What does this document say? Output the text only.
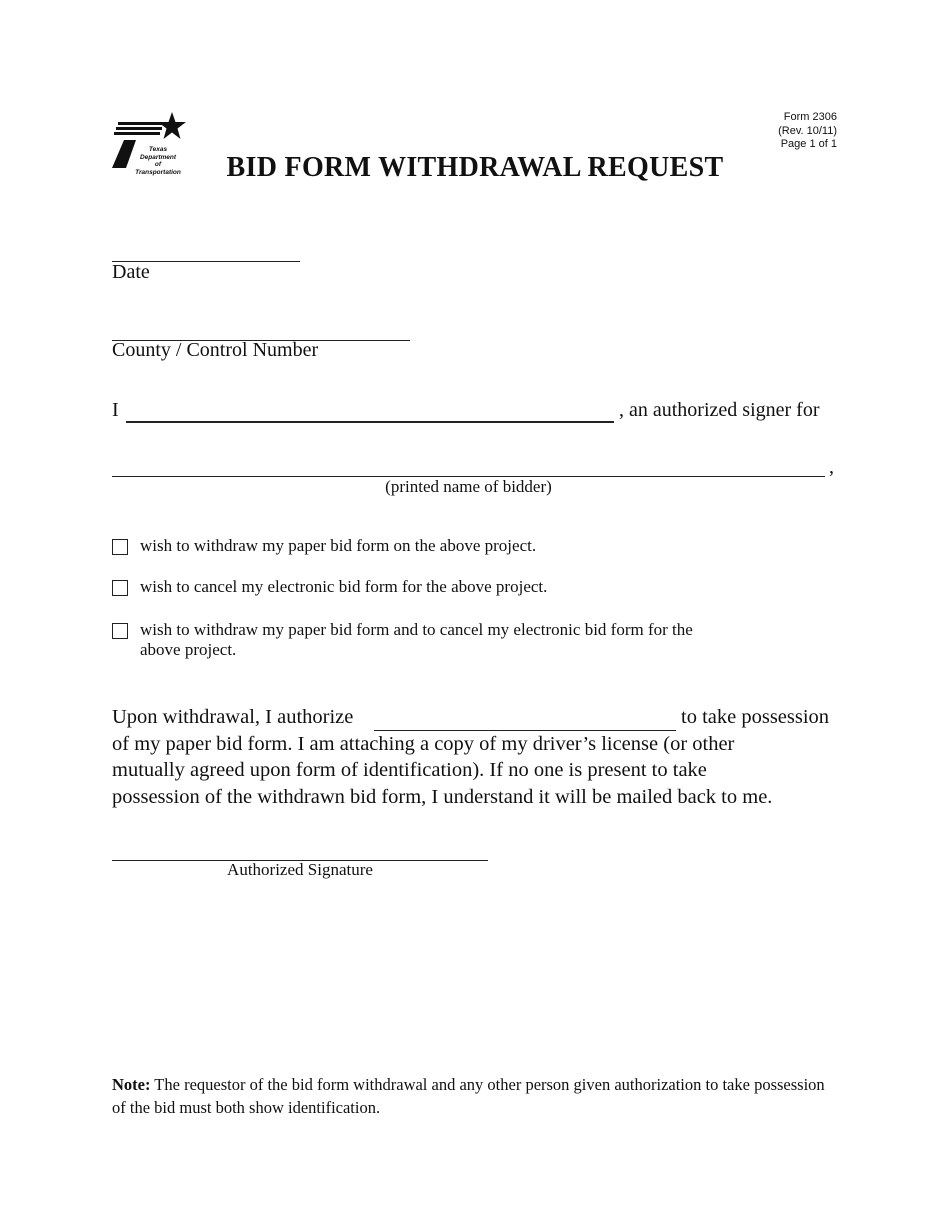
Texas
Department
of Transportation
Form 2306
(Rev. 10/11)
Page 1 of 1
BID FORM WITHDRAWAL REQUEST
Date
County / Control Number
I	, an authorized signer for
,
(printed name of bidder)
wish to withdraw my paper bid form on the above project.
wish to cancel my electronic bid form for the above project.
wish to withdraw my paper bid form and to cancel my electronic bid form for the
above project.
Upon withdrawal, I authorize	to take possession
of my paper bid form. I am attaching a copy of my driver’s license (or other
mutually agreed upon form of identification). If no one is present to take
possession of the withdrawn bid form, I understand it will be mailed back to me.
Authorized Signature
Note: The requestor of the bid form withdrawal and any other person given authorization to take possession of the bid must both show identification.
